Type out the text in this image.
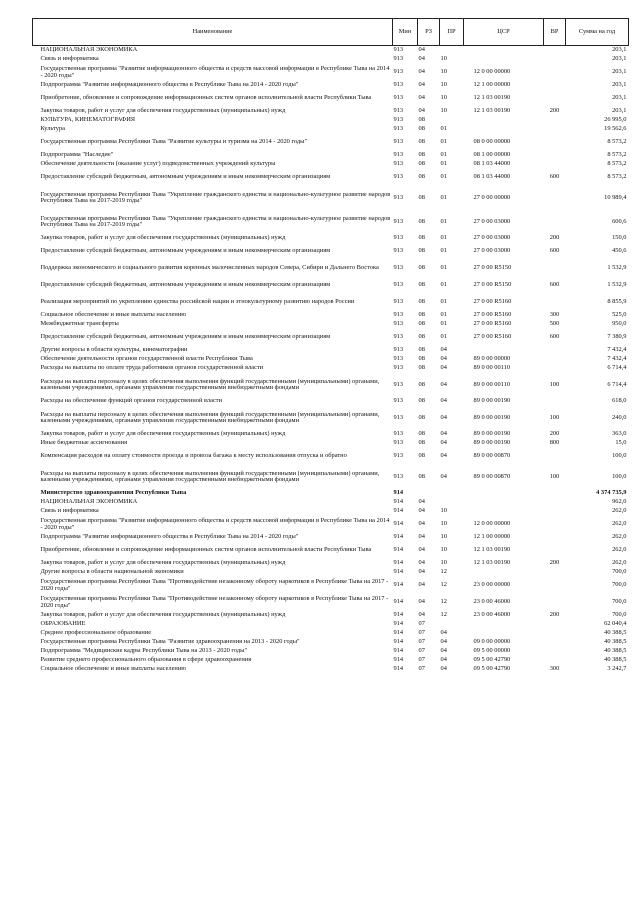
Наименование	Мин	РЗ	ПР	ЦСР	ВР	Сумма на год
НАЦИОНАЛЬНАЯ ЭКОНОМИКА	913	04				203,1
Связь и информатика	913	04	10			203,1
Государственная программа "Развитие информационного общества и средств массовой информации в Республике Тыва на 2014 - 2020 годы"	913	04	10	12 0 00 00000		203,1
Подпрограмма "Развитие информационного общества в Республике Тыва на 2014 - 2020 годы"	913	04	10	12 1 00 00000		203,1
Приобретение, обновление и сопровождение информационных систем органов исполнительной власти Республики Тыва	913	04	10	12 1 03 00190		203,1
Закупка товаров, работ и услуг для обеспечения государственных (муниципальных) нужд	913	04	10	12 1 03 00190	200	203,1
КУЛЬТУРА, КИНЕМАТОГРАФИЯ	913	08				26 995,0
Культура	913	08	01			19 562,6
Государственная программа Республики Тыва "Развитие культуры и туризма на 2014 - 2020 годы"	913	08	01	08 0 00 00000		8 573,2
Подпрограмма "Наследие"	913	08	01	08 1 00 00000		8 573,2
Обеспечение деятельности (оказание услуг) подведомственных учреждений культуры	913	08	01	08 1 03 44000		8 573,2
Предоставление субсидий бюджетным, автономным учреждениям и иным некоммерческим организациям	913	08	01	08 1 03 44000	600	8 573,2
Государственная программа Республики Тыва "Укрепление гражданского единства и национально-культурное развитие народов Республики Тыва на 2017-2019 годы"	913	08	01	27 0 00 00000		10 989,4
Государственная программа Республики Тыва "Укрепление гражданского единства и национально-культурное развитие народов Республики Тыва на 2017-2019 годы"	913	08	01	27 0 00 03000		600,6
Закупка товаров, работ и услуг для обеспечения государственных (муниципальных) нужд	913	08	01	27 0 00 03000	200	150,0
Предоставление субсидий бюджетным, автономным учреждениям и иным некоммерческим организациям	913	08	01	27 0 00 03000	600	450,6
Поддержка экономического и социального развития коренных малочисленных народов Севера, Сибири и Дальнего Востока	913	08	01	27 0 00 R5150		1 532,9
Предоставление субсидий бюджетным, автономным учреждениям и иным некоммерческим организациям	913	08	01	27 0 00 R5150	600	1 532,9
Реализация мероприятий по укреплению единства российской нации и этнокультурному развитию народов России	913	08	01	27 0 00 R5160		8 855,9
Социальное обеспечение и иные выплаты населению	913	08	01	27 0 00 R5160	300	525,0
Межбюджетные трансферты	913	08	01	27 0 00 R5160	500	950,0
Предоставление субсидий бюджетным, автономным учреждениям и иным некоммерческим организациям	913	08	01	27 0 00 R5160	600	7 380,9
Другие вопросы в области культуры, кинематографии	913	08	04			7 432,4
Обеспечение деятельности органов государственной власти Республики Тыва	913	08	04	89 0 00 00000		7 432,4
Расходы на выплаты по оплате труда работников органов государственной власти	913	08	04	89 0 00 00110		6 714,4
Расходы на выплаты персоналу в целях обеспечения выполнения функций государственными (муниципальными) органами, казенными учреждениями, органами управления государственными внебюджетными фондами	913	08	04	89 0 00 00110	100	6 714,4
Расходы на обеспечение функций органов государственной власти	913	08	04	89 0 00 00190		618,0
Расходы на выплаты персоналу в целях обеспечения выполнения функций государственными (муниципальными) органами, казенными учреждениями, органами управления государственными внебюджетными фондами	913	08	04	89 0 00 00190	100	240,0
Закупка товаров, работ и услуг для обеспечения государственных (муниципальных) нужд	913	08	04	89 0 00 00190	200	363,0
Иные бюджетные ассигнования	913	08	04	89 0 00 00190	800	15,0
Компенсация расходов на оплату стоимости проезда и провоза багажа к месту использования отпуска и обратно	913	08	04	89 0 00 00870		100,0
Расходы на выплаты персоналу в целях обеспечения выполнения функций государственными (муниципальными) органами, казенными учреждениями, органами управления государственными внебюджетными фондами	913	08	04	89 0 00 00870	100	100,0
Министерство здравоохранения Республики Тыва	914					4 374 735,9
НАЦИОНАЛЬНАЯ ЭКОНОМИКА	914	04				962,0
Связь и информатика	914	04	10			262,0
Государственная программа "Развитие информационного общества и средств массовой информации в Республике Тыва на 2014 - 2020 годы"	914	04	10	12 0 00 00000		262,0
Подпрограмма "Развитие информационного общества в Республике Тыва на 2014 - 2020 годы"	914	04	10	12 1 00 00000		262,0
Приобретение, обновление и сопровождение информационных систем органов исполнительной власти Республики Тыва	914	04	10	12 1 03 00190		262,0
Закупка товаров, работ и услуг для обеспечения государственных (муниципальных) нужд	914	04	10	12 1 03 00190	200	262,0
Другие вопросы в области национальной экономики	914	04	12			700,0
Государственная программа Республики Тыва "Противодействие незаконному обороту наркотиков в Республике Тыва на 2017 - 2020 годы"	914	04	12	23 0 00 00000		700,0
Государственная программа Республики Тыва "Противодействие незаконному обороту наркотиков в Республике Тыва на 2017 - 2020 годы"	914	04	12	23 0 00 46000		700,0
Закупка товаров, работ и услуг для обеспечения государственных (муниципальных) нужд	914	04	12	23 0 00 46000	200	700,0
ОБРАЗОВАНИЕ	914	07				62 040,4
Среднее профессиональное образование	914	07	04			40 388,5
Государственная программа Республики Тыва "Развитие здравоохранения на 2013 - 2020 годы"	914	07	04	09 0 00 00000		40 388,5
Подпрограмма "Медицинские кадры Республики Тыва на 2013 - 2020 годы"	914	07	04	09 5 00 00000		40 388,5
Развитие среднего профессионального образования в сфере здравоохранения	914	07	04	09 5 00 42790		40 388,5
Социальное обеспечение и иные выплаты населению	914	07	04	09 5 00 42790	300	3 242,7
